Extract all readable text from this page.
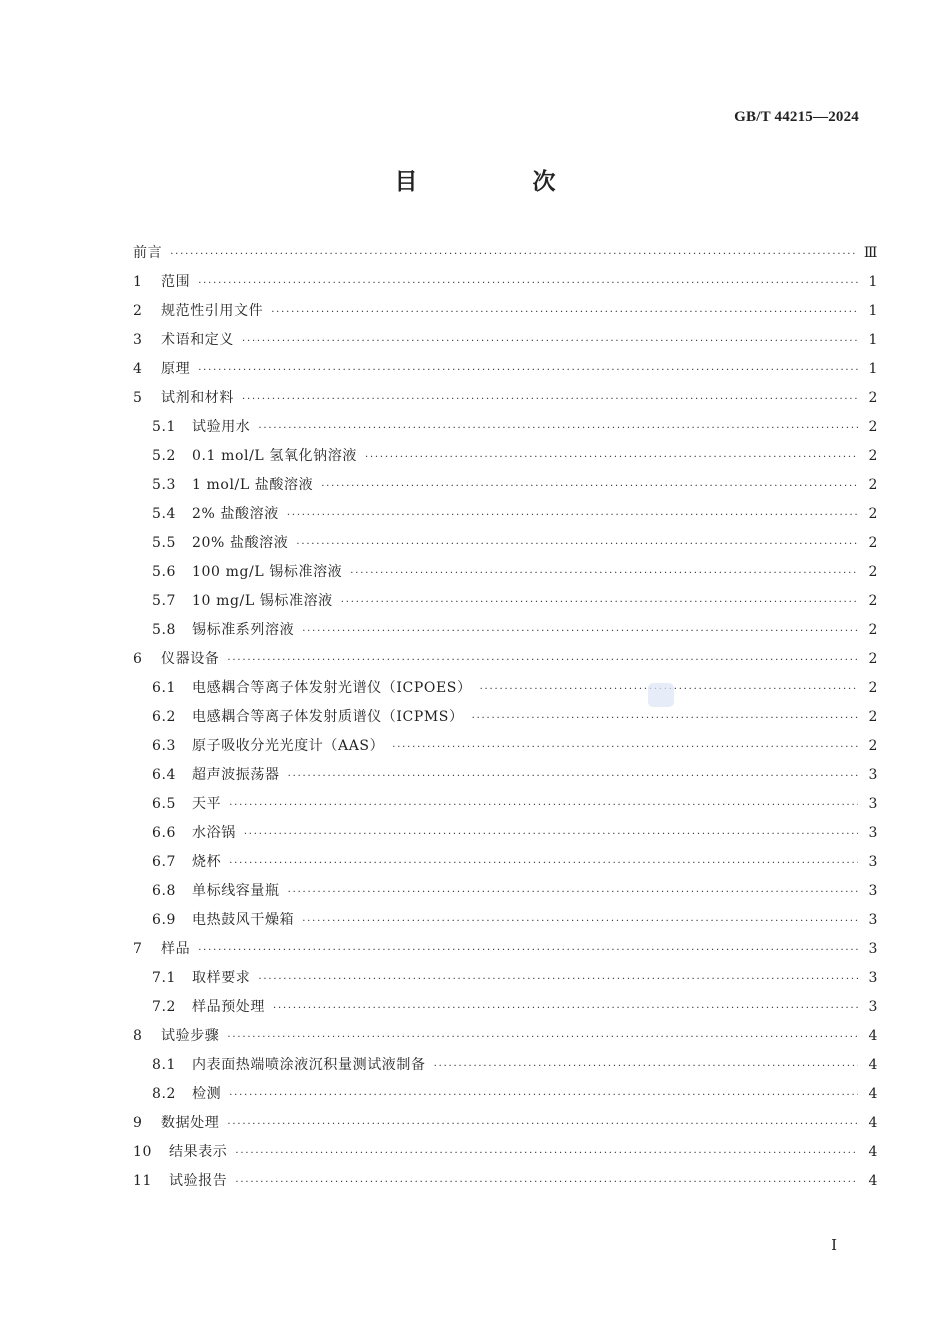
GB/T 44215—2024
目　次
前言 ·····	Ⅲ
1	范围 ·····	1
2	规范性引用文件 ·····	1
3	术语和定义 ·····	1
4	原理 ·····	1
5	试剂和材料 ·····	2
5.1	试验用水 ·····	2
5.2	0.1 mol/L 氢氧化钠溶液 ·····	2
5.3	1 mol/L 盐酸溶液 ·····	2
5.4	2% 盐酸溶液 ·····	2
5.5	20% 盐酸溶液 ·····	2
5.6	100 mg/L 锡标准溶液 ·····	2
5.7	10 mg/L 锡标准溶液 ·····	2
5.8	锡标准系列溶液 ·····	2
6	仪器设备 ·····	2
6.1	电感耦合等离子体发射光谱仪（ICPOES） ·····	2
6.2	电感耦合等离子体发射质谱仪（ICPMS） ·····	2
6.3	原子吸收分光光度计（AAS） ·····	2
6.4	超声波振荡器 ·····	3
6.5	天平 ·····	3
6.6	水浴锅 ·····	3
6.7	烧杯 ·····	3
6.8	单标线容量瓶 ·····	3
6.9	电热鼓风干燥箱 ·····	3
7	样品 ·····	3
7.1	取样要求 ·····	3
7.2	样品预处理 ·····	3
8	试验步骤 ·····	4
8.1	内表面热端喷涂液沉积量测试液制备 ·····	4
8.2	检测 ·····	4
9	数据处理 ·····	4
10	结果表示 ·····	4
11	试验报告 ·····	4
I
